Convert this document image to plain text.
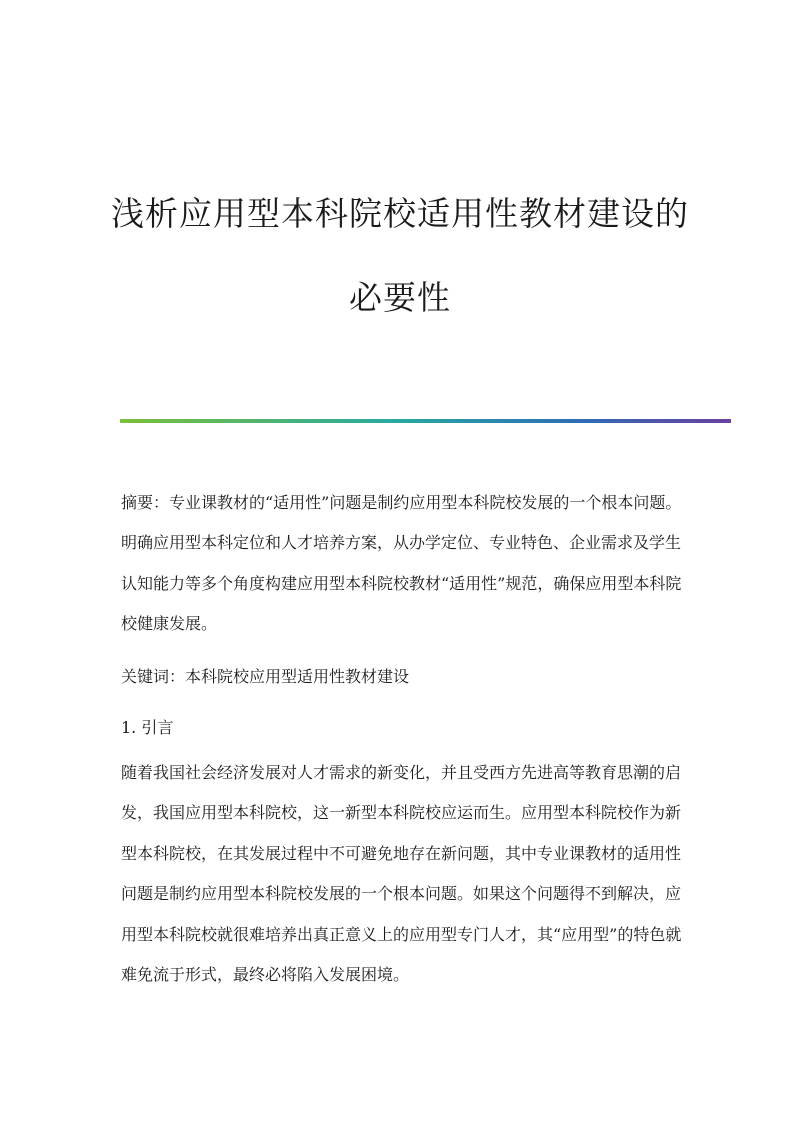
浅析应用型本科院校适用性教材建设的
必要性

摘要：专业课教材的“适用性”问题是制约应用型本科院校发展的一个根本问题。明确应用型本科定位和人才培养方案，从办学定位、专业特色、企业需求及学生认知能力等多个角度构建应用型本科院校教材“适用性”规范，确保应用型本科院校健康发展。

关键词：本科院校应用型适用性教材建设

1. 引言

随着我国社会经济发展对人才需求的新变化，并且受西方先进高等教育思潮的启发，我国应用型本科院校，这一新型本科院校应运而生。应用型本科院校作为新型本科院校，在其发展过程中不可避免地存在新问题，其中专业课教材的适用性问题是制约应用型本科院校发展的一个根本问题。如果这个问题得不到解决，应用型本科院校就很难培养出真正意义上的应用型专门人才，其“应用型”的特色就难免流于形式，最终必将陷入发展困境。
